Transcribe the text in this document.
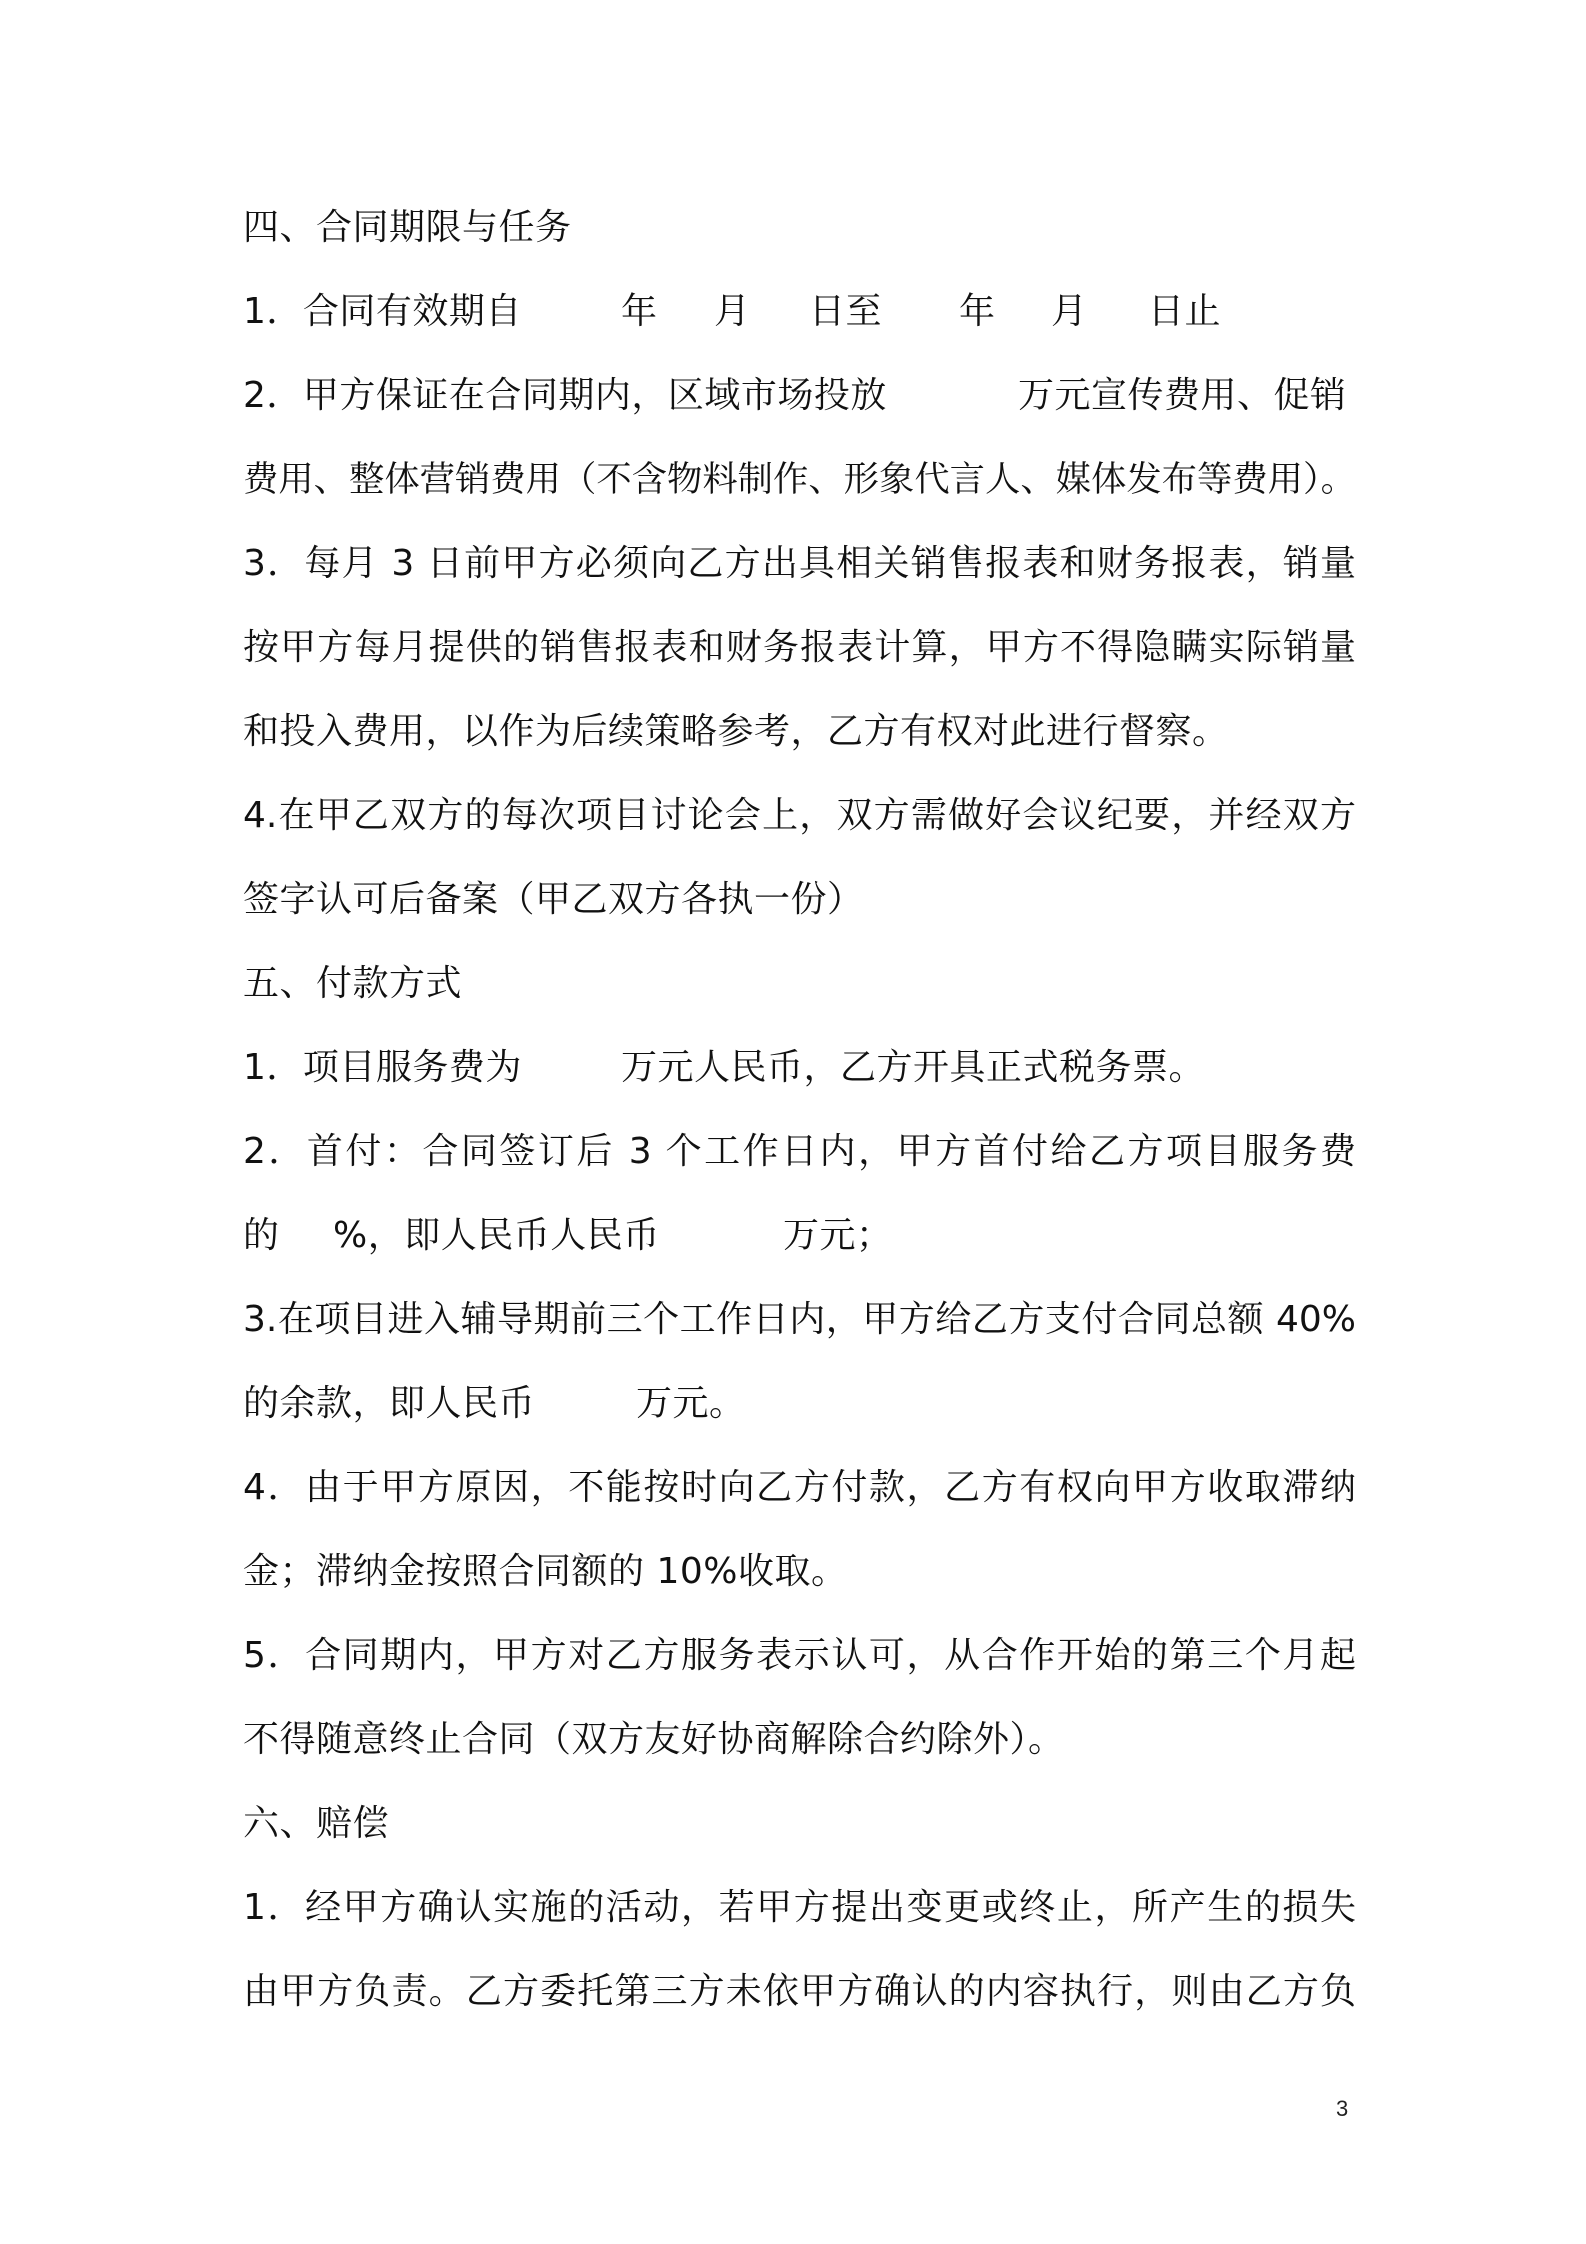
四、合同期限与任务

1．合同有效期自	年 月 日至 年 月 日止
2．甲方保证在合同期内，区域市场投放	万元宣传费用、促销

费用、整体营销费用（不含物料制作、形象代言人、媒体发布等费用）。

3．每月 3 日前甲方必须向乙方出具相关销售报表和财务报表，销量

按甲方每月提供的销售报表和财务报表计算，甲方不得隐瞒实际销量

和投入费用，以作为后续策略参考，乙方有权对此进行督察。

4.在甲乙双方的每次项目讨论会上，双方需做好会议纪要，并经双方

签字认可后备案（甲乙双方各执一份）

五、付款方式

1．项目服务费为	万元人民币，乙方开具正式税务票。

2．首付：合同签订后 3 个工作日内，甲方首付给乙方项目服务费

的 %，即人民币人民币	万元；

3.在项目进入辅导期前三个工作日内，甲方给乙方支付合同总额 40%

的余款，即人民币	万元。

4．由于甲方原因，不能按时向乙方付款，乙方有权向甲方收取滞纳

金；滞纳金按照合同额的 10%收取。

5．合同期内，甲方对乙方服务表示认可，从合作开始的第三个月起

不得随意终止合同（双方友好协商解除合约除外）。

六、赔偿

1．经甲方确认实施的活动，若甲方提出变更或终止，所产生的损失

由甲方负责。乙方委托第三方未依甲方确认的内容执行，则由乙方负

3
